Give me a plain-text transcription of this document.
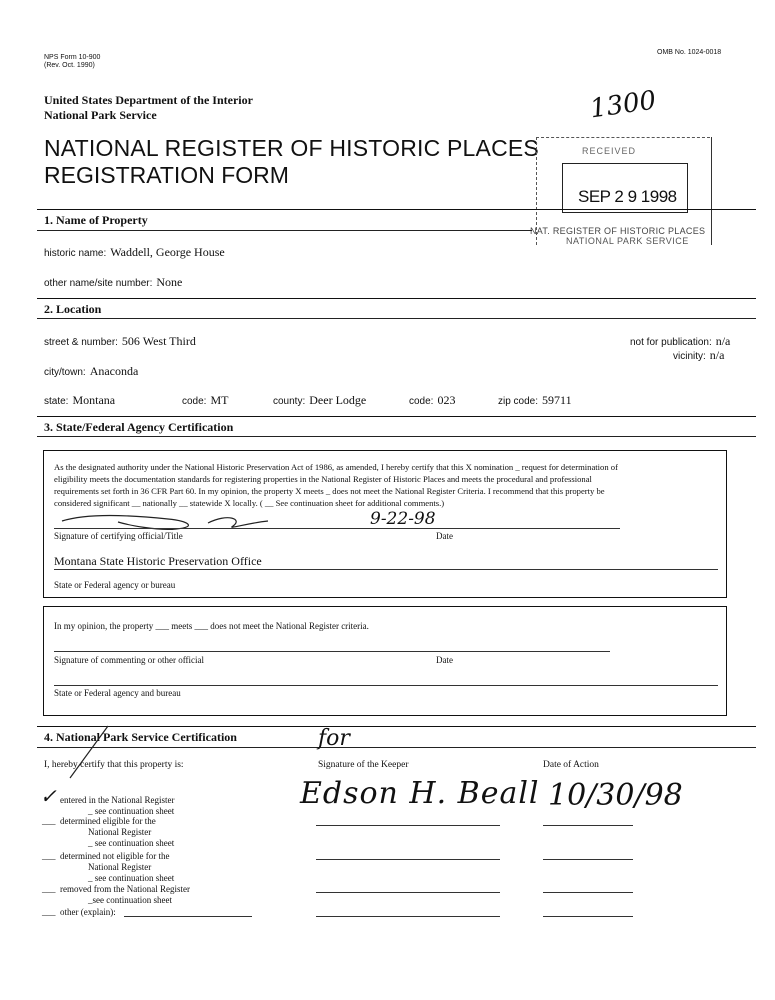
NPS Form 10-900
(Rev. Oct. 1990)
OMB No. 1024-0018
United States Department of the Interior
National Park Service	1300
NATIONAL REGISTER OF HISTORIC PLACES
REGISTRATION FORM
RECEIVED
SEP 2 9 1998
NAT. REGISTER OF HISTORIC PLACES
NATIONAL PARK SERVICE
1. Name of Property
historic name: Waddell, George House
other name/site number: None
2. Location
street & number: 506 West Third	not for publication: n/a
vicinity: n/a
city/town: Anaconda
state: Montana	code: MT	county: Deer Lodge	code: 023	zip code: 59711
3. State/Federal Agency Certification
As the designated authority under the National Historic Preservation Act of 1986, as amended, I hereby certify that this X nomination _ request for determination of
eligibility meets the documentation standards for registering properties in the National Register of Historic Places and meets the procedural and professional
requirements set forth in 36 CFR Part 60. In my opinion, the property X meets _ does not meet the National Register Criteria. I recommend that this property be
considered significant __ nationally __ statewide X locally. ( __ See continuation sheet for additional comments.)
9-22-98
Signature of certifying official/Title	Date
Montana State Historic Preservation Office
State or Federal agency or bureau
In my opinion, the property ___ meets ___ does not meet the National Register criteria.
Signature of commenting or other official	Date
State or Federal agency and bureau
4. National Park Service Certification
I, hereby certify that this property is:	Signature of the Keeper	Date of Action
for
Edson H. Beall 10/30/98
✓ entered in the National Register
_ see continuation sheet
___ determined eligible for the
National Register
_ see continuation sheet
___ determined not eligible for the
National Register
_ see continuation sheet
___ removed from the National Register
_see continuation sheet
___ other (explain):
